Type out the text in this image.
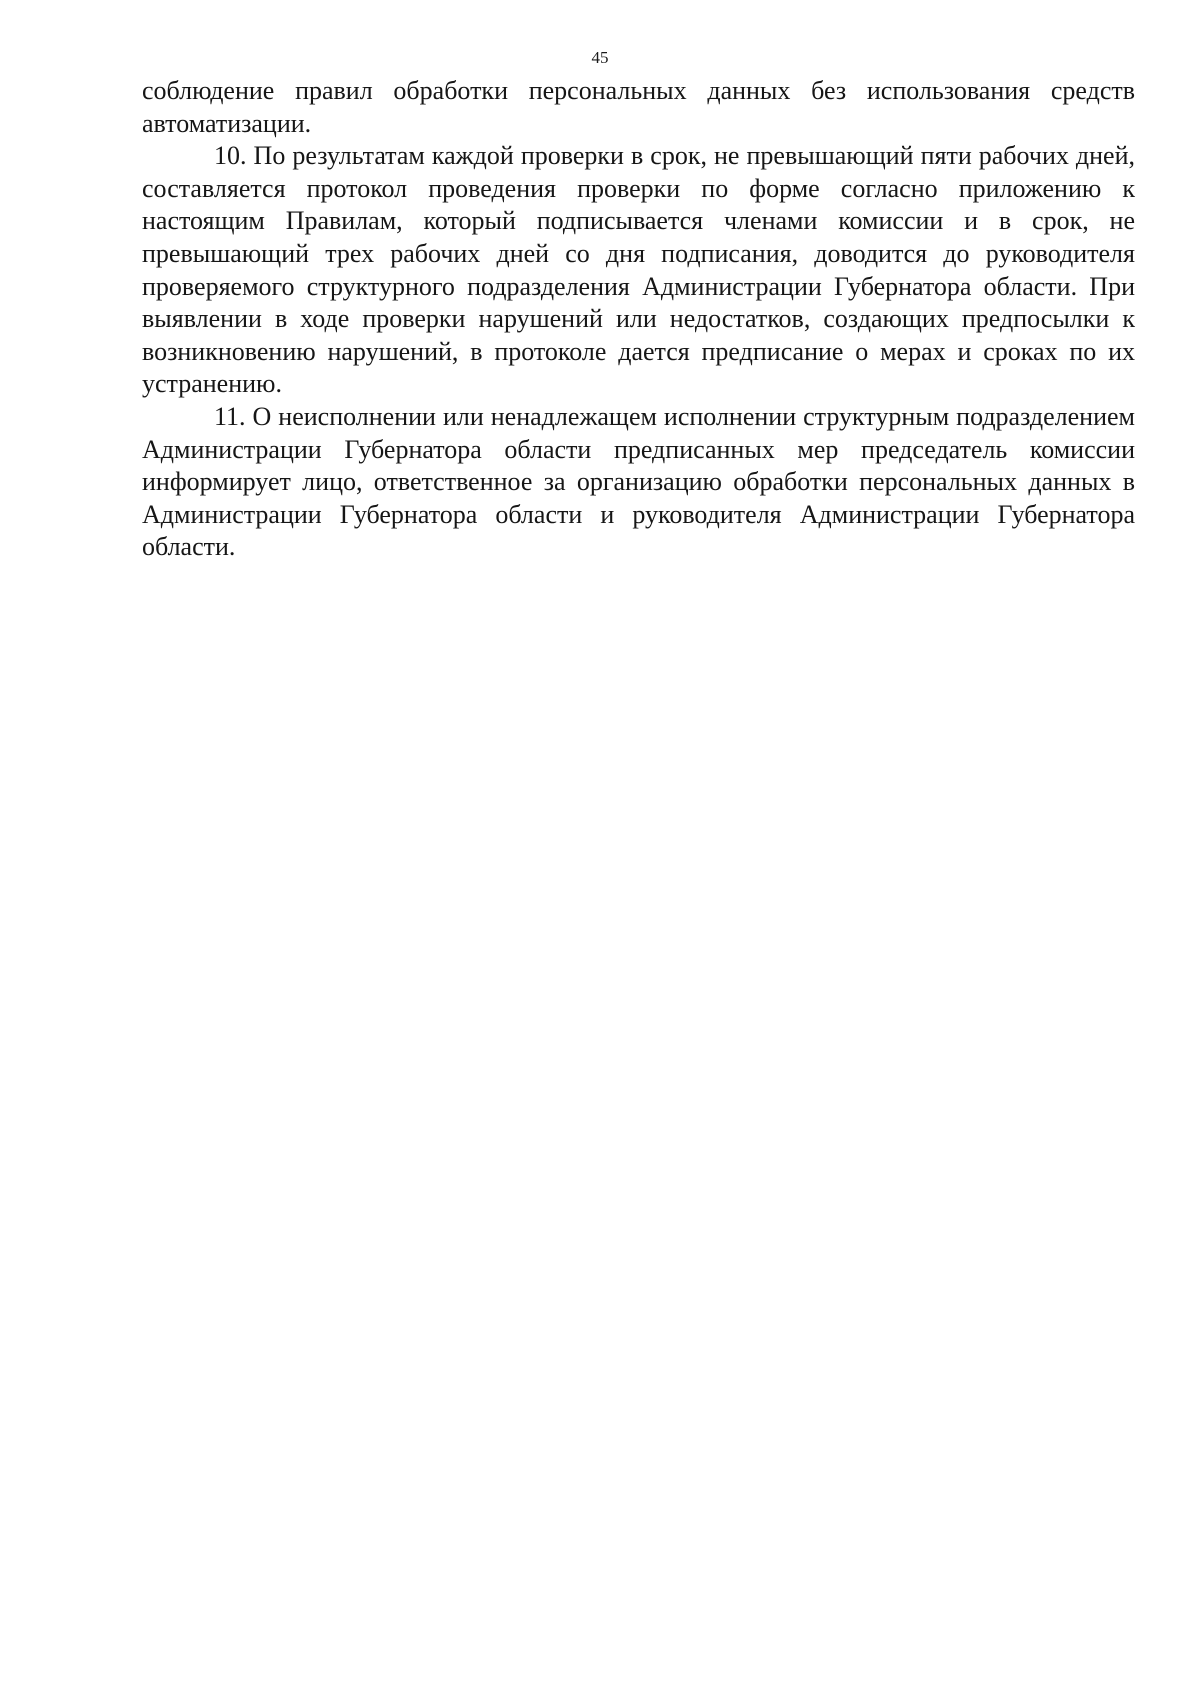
45

соблюдение правил обработки персональных данных без использования средств автоматизации.

10. По результатам каждой проверки в срок, не превышающий пяти рабочих дней, составляется протокол проведения проверки по форме согласно приложению к настоящим Правилам, который подписывается членами комиссии и в срок, не превышающий трех рабочих дней со дня подписания, доводится до руководителя проверяемого структурного подразделения Администрации Губернатора области. При выявлении в ходе проверки нарушений или недостатков, создающих предпосылки к возникновению нарушений, в протоколе дается предписание о мерах и сроках по их устранению.

11. О неисполнении или ненадлежащем исполнении структурным подразделением Администрации Губернатора области предписанных мер председатель комиссии информирует лицо, ответственное за организацию обработки персональных данных в Администрации Губернатора области и руководителя Администрации Губернатора области.
